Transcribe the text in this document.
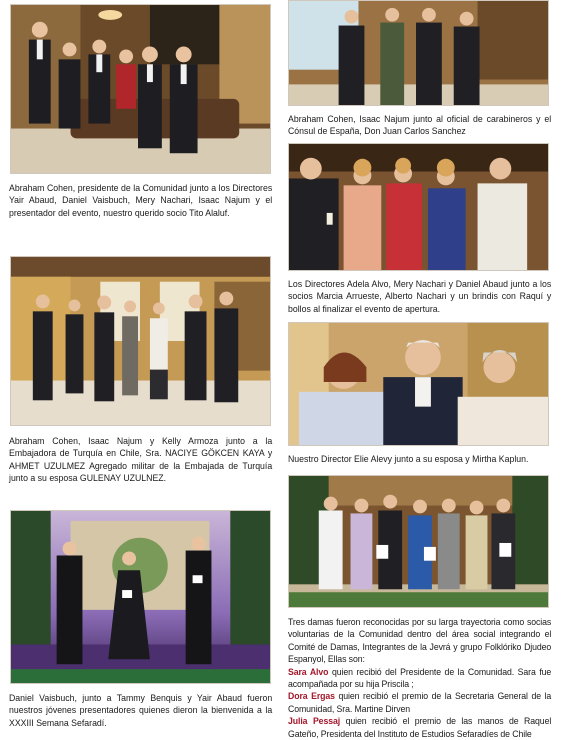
Abraham Cohen, presidente de la Comunidad junto a los Directores Yair Abaud, Daniel Vaisbuch, Mery Nachari, Isaac Najum y el presentador del evento, nuestro querido socio Tito Alaluf.

Abraham Cohen, Isaac Najum y Kelly Armoza junto a la Embajadora de Turquía en Chile, Sra. NACIYE GÖKCEN KAYA y AHMET UZULMEZ Agregado militar de la Embajada de Turquía junto a su esposa GULENAY UZULNEZ.

Daniel Vaisbuch, junto a Tammy Benquis y Yair Abaud fueron nuestros jóvenes presentadores quienes dieron la bienvenida a la XXXIII Semana Sefaradí.

Abraham Cohen, Isaac Najum junto al oficial de carabineros y el Cónsul de España, Don Juan Carlos Sanchez

Los Directores Adela Alvo, Mery Nachari y Daniel Abaud junto a los socios Marcia Arrueste, Alberto Nachari y un brindis con Raquí y bollos al finalizar el evento de apertura.

Nuestro Director Elie Alevy junto a su esposa y Mirtha Kaplun.

Tres damas fueron reconocidas por su larga trayectoria como socias voluntarias de la Comunidad dentro del área social integrando el Comité de Damas, Integrantes de la Jevrá y grupo Folklóriko Djudeo Espanyol, Ellas son:
Sara Alvo quien recibió del Presidente de la Comunidad. Sara fue acompañada por su hija Priscila ;
Dora Ergas quien recibió el premio de la Secretaria General de la Comunidad, Sra. Martine Dirven
Julia Pessaj quien recibió el premio de las manos de Raquel Gateño, Presidenta del Instituto de Estudios Sefaradíes de Chile
